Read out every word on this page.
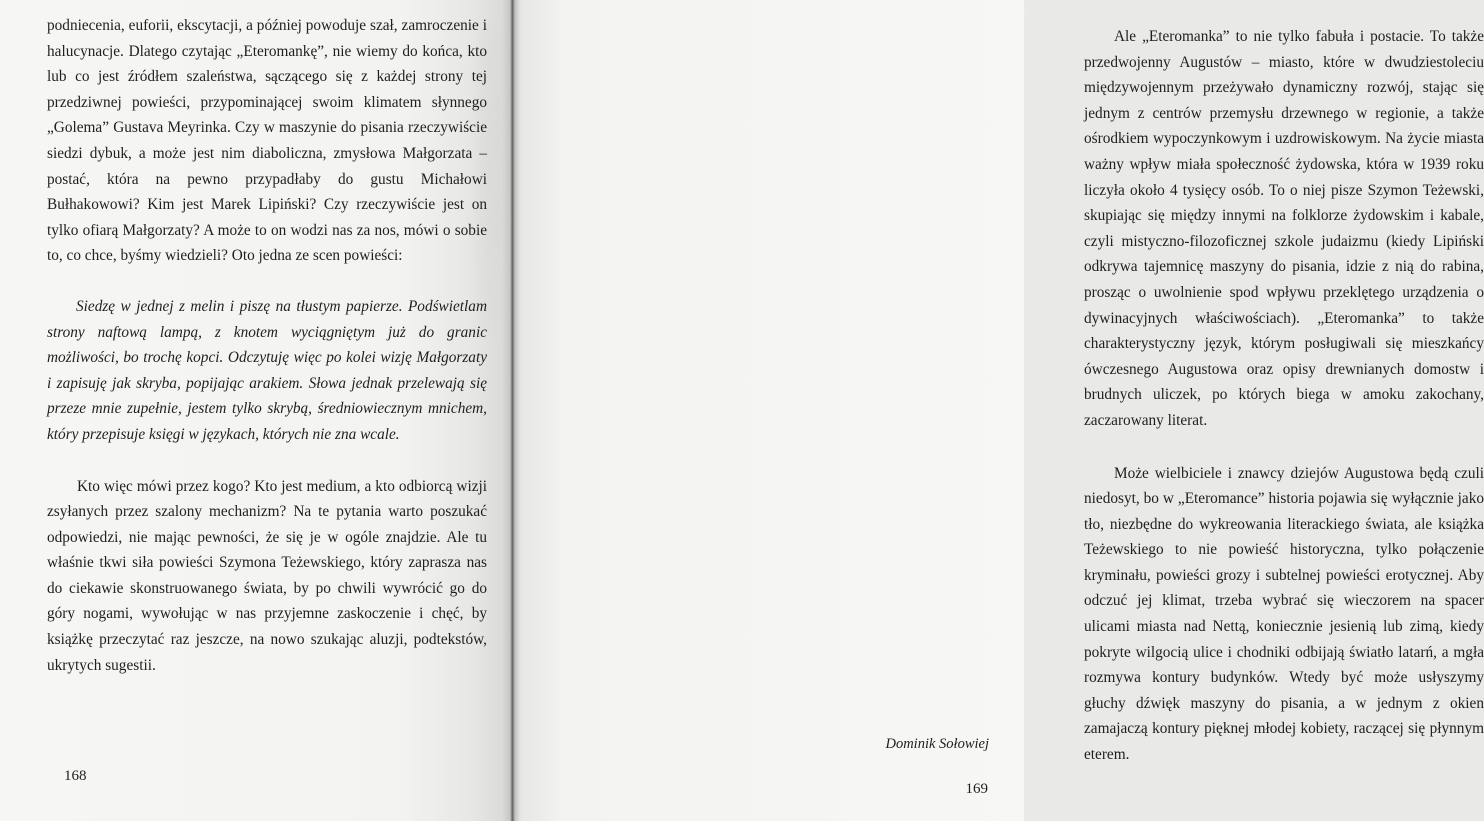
podniecenia, euforii, ekscytacji, a później powoduje szał, zamroczenie i halucynacje. Dlatego czytając „Eteromankę”, nie wiemy do końca, kto lub co jest źródłem szaleństwa, sączącego się z każdej strony tej przedziwnej powieści, przypominającej swoim klimatem słynnego „Golema” Gustava Meyrinka. Czy w maszynie do pisania rzeczywiście siedzi dybuk, a może jest nim diaboliczna, zmysłowa Małgorzata – postać, która na pewno przypadłaby do gustu Michałowi Bułhakowowi? Kim jest Marek Lipiński? Czy rzeczywiście jest on tylko ofiarą Małgorzaty? A może to on wodzi nas za nos, mówi o sobie to, co chce, byśmy wiedzieli? Oto jedna ze scen powieści:

Siedzę w jednej z melin i piszę na tłustym papierze. Podświetlam strony naftową lampą, z knotem wyciągniętym już do granic możliwości, bo trochę kopci. Odczytuję więc po kolei wizję Małgorzaty i zapisuję jak skryba, popijając arakiem. Słowa jednak przelewają się przeze mnie zupełnie, jestem tylko skrybą, średniowiecznym mnichem, który przepisuje księgi w językach, których nie zna wcale.

Kto więc mówi przez kogo? Kto jest medium, a kto odbiorcą wizji zsyłanych przez szalony mechanizm? Na te pytania warto poszukać odpowiedzi, nie mając pewności, że się je w ogóle znajdzie. Ale tu właśnie tkwi siła powieści Szymona Teżewskiego, który zaprasza nas do ciekawie skonstruowanego świata, by po chwili wywrócić go do góry nogami, wywołując w nas przyjemne zaskoczenie i chęć, by książkę przeczytać raz jeszcze, na nowo szukając aluzji, podtekstów, ukrytych sugestii.

168

Ale „Eteromanka” to nie tylko fabuła i postacie. To także przedwojenny Augustów – miasto, które w dwudziestoleciu międzywojennym przeżywało dynamiczny rozwój, stając się jednym z centrów przemysłu drzewnego w regionie, a także ośrodkiem wypoczynkowym i uzdrowiskowym. Na życie miasta ważny wpływ miała społeczność żydowska, która w 1939 roku liczyła około 4 tysięcy osób. To o niej pisze Szymon Teżewski, skupiając się między innymi na folklorze żydowskim i kabale, czyli mistyczno-filozoficznej szkole judaizmu (kiedy Lipiński odkrywa tajemnicę maszyny do pisania, idzie z nią do rabina, prosząc o uwolnienie spod wpływu przeklętego urządzenia o dywinacyjnych właściwościach). „Eteromanka” to także charakterystyczny język, którym posługiwali się mieszkańcy ówczesnego Augustowa oraz opisy drewnianych domostw i brudnych uliczek, po których biega w amoku zakochany, zaczarowany literat.

Może wielbiciele i znawcy dziejów Augustowa będą czuli niedosyt, bo w „Eteromance” historia pojawia się wyłącznie jako tło, niezbędne do wykreowania literackiego świata, ale książka Teżewskiego to nie powieść historyczna, tylko połączenie kryminału, powieści grozy i subtelnej powieści erotycznej. Aby odczuć jej klimat, trzeba wybrać się wieczorem na spacer ulicami miasta nad Nettą, koniecznie jesienią lub zimą, kiedy pokryte wilgocią ulice i chodniki odbijają światło latarń, a mgła rozmywa kontury budynków. Wtedy być może usłyszymy głuchy dźwięk maszyny do pisania, a w jednym z okien zamajaczą kontury pięknej młodej kobiety, raczącej się płynnym eterem.

Dominik Sołowiej
169
